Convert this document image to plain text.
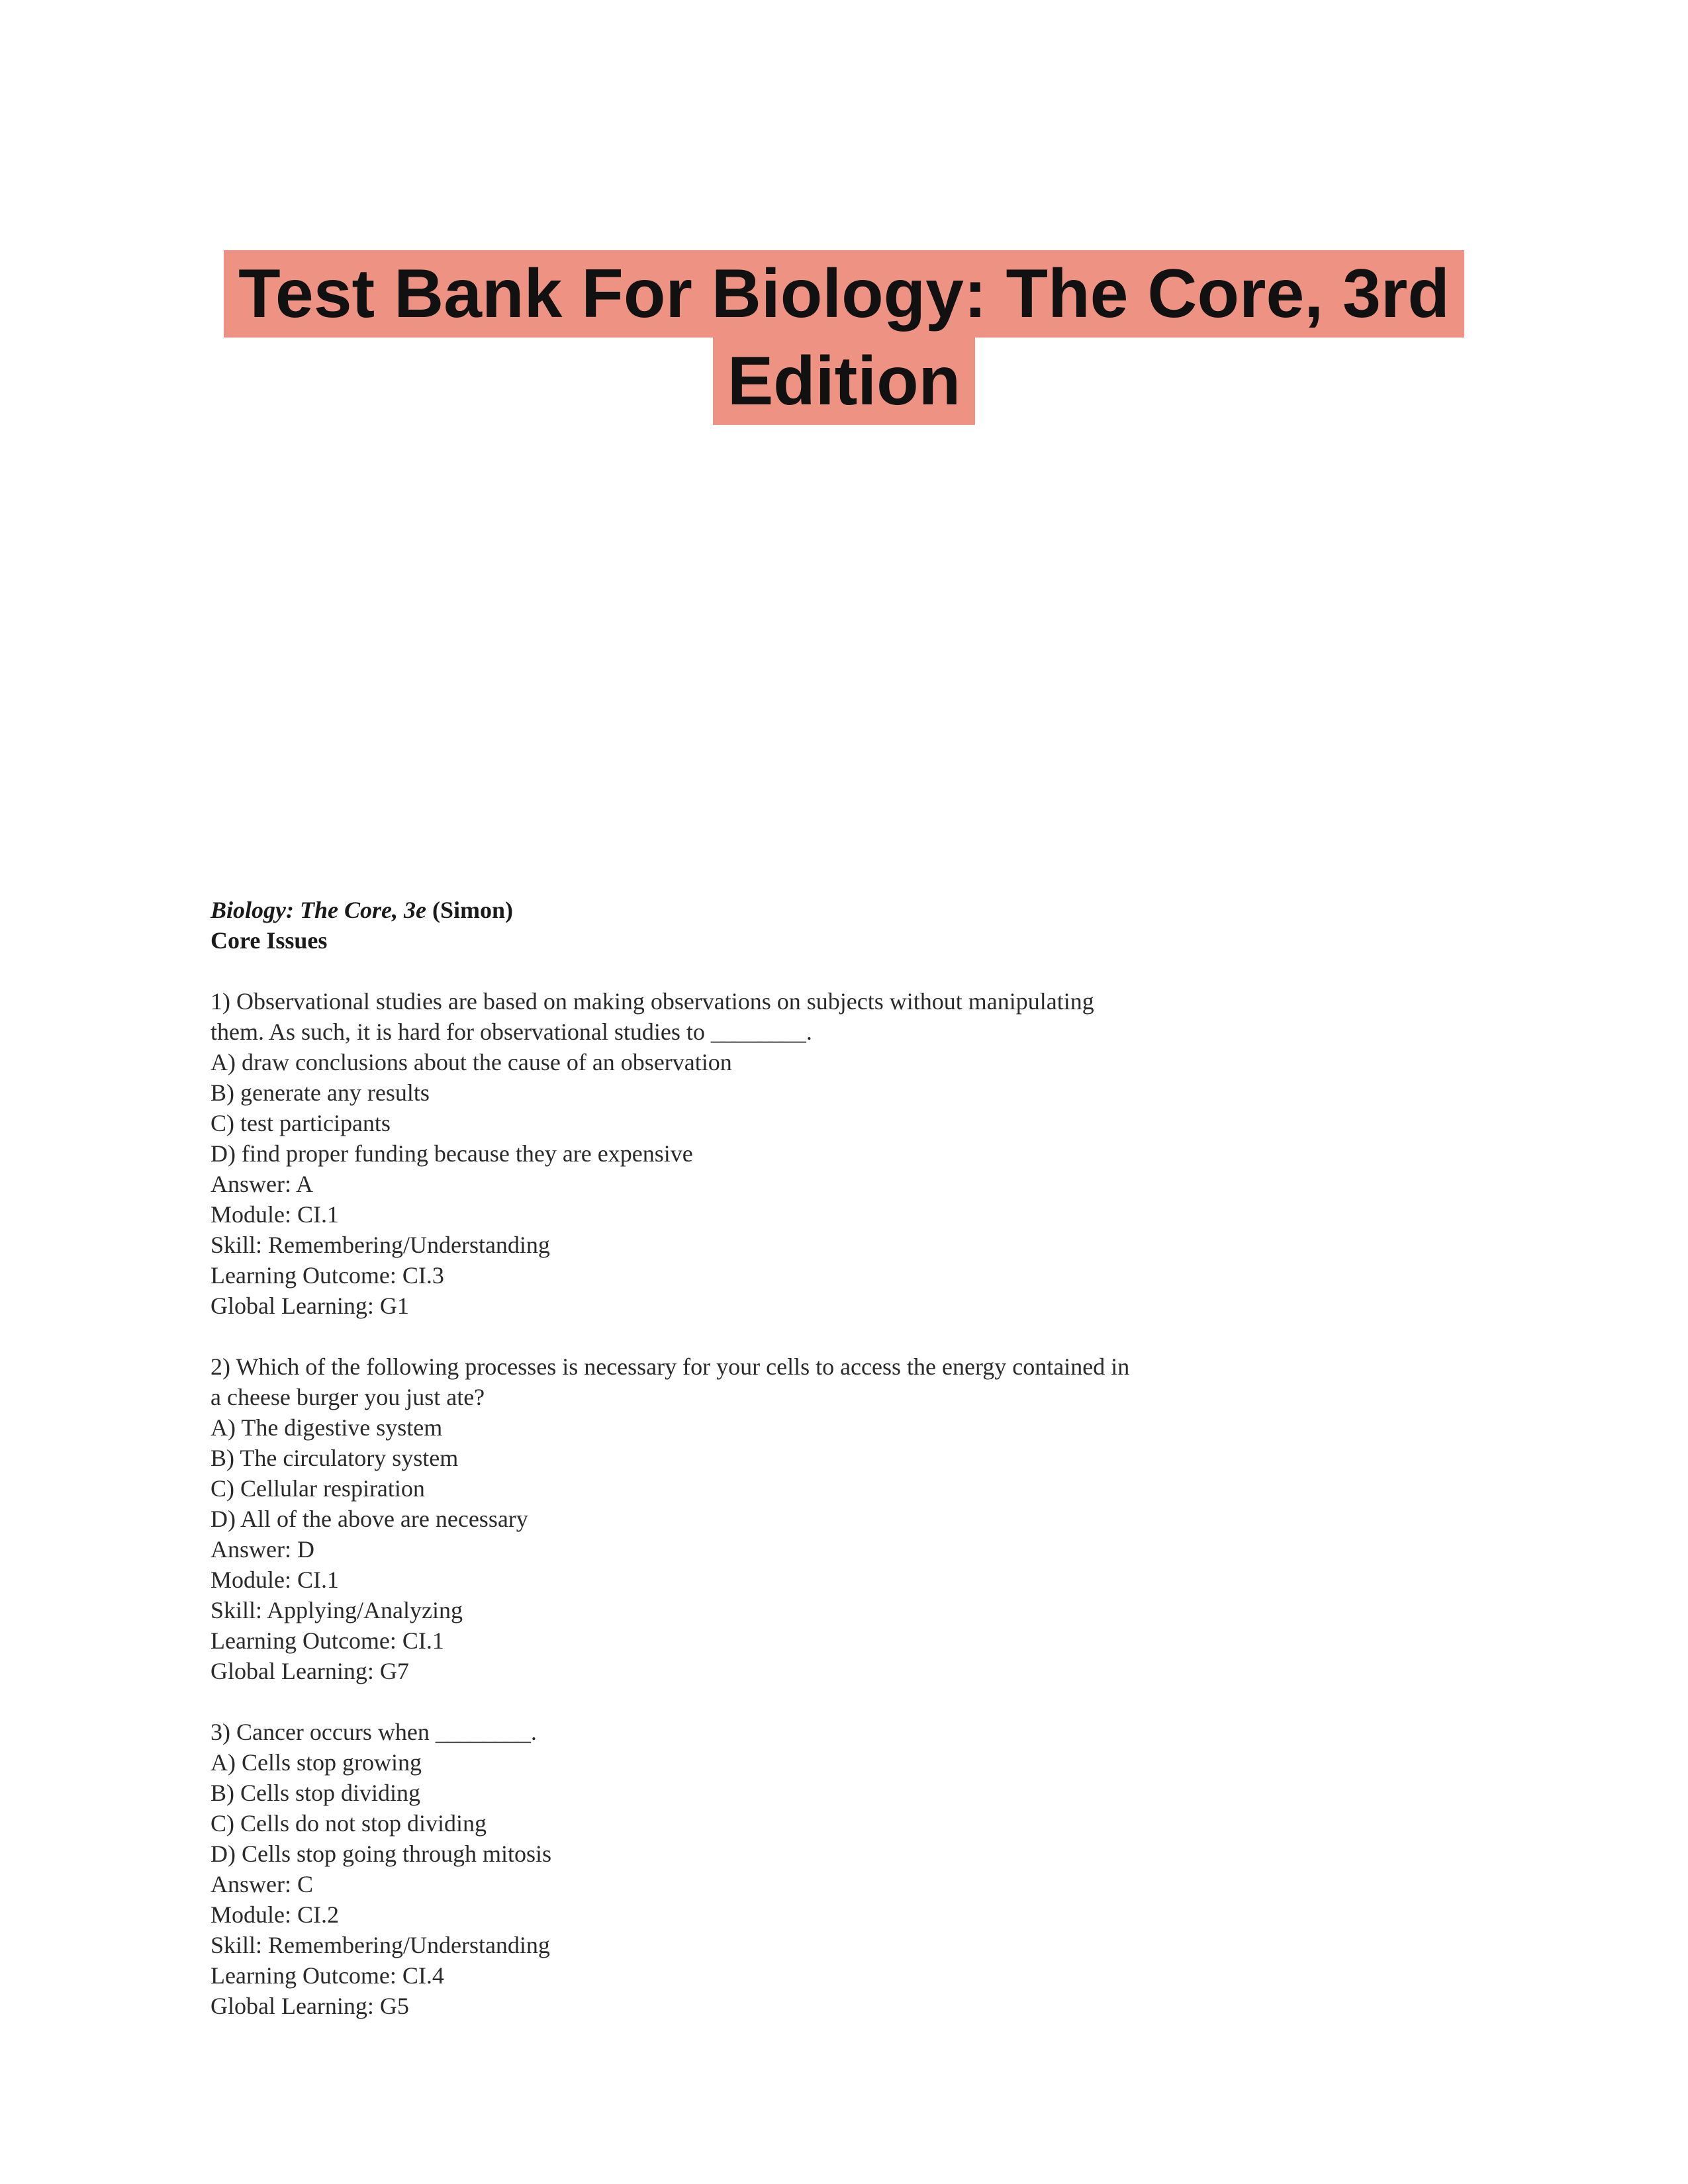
Test Bank For Biology: The Core, 3rd
Edition
Biology: The Core, 3e (Simon)
Core Issues
1) Observational studies are based on making observations on subjects without manipulating
them. As such, it is hard for observational studies to ________.
A) draw conclusions about the cause of an observation
B) generate any results
C) test participants
D) find proper funding because they are expensive
Answer: A
Module: CI.1
Skill: Remembering/Understanding
Learning Outcome: CI.3
Global Learning: G1
2) Which of the following processes is necessary for your cells to access the energy contained in
a cheese burger you just ate?
A) The digestive system
B) The circulatory system
C) Cellular respiration
D) All of the above are necessary
Answer: D
Module: CI.1
Skill: Applying/Analyzing
Learning Outcome: CI.1
Global Learning: G7
3) Cancer occurs when ________.
A) Cells stop growing
B) Cells stop dividing
C) Cells do not stop dividing
D) Cells stop going through mitosis
Answer: C
Module: CI.2
Skill: Remembering/Understanding
Learning Outcome: CI.4
Global Learning: G5
